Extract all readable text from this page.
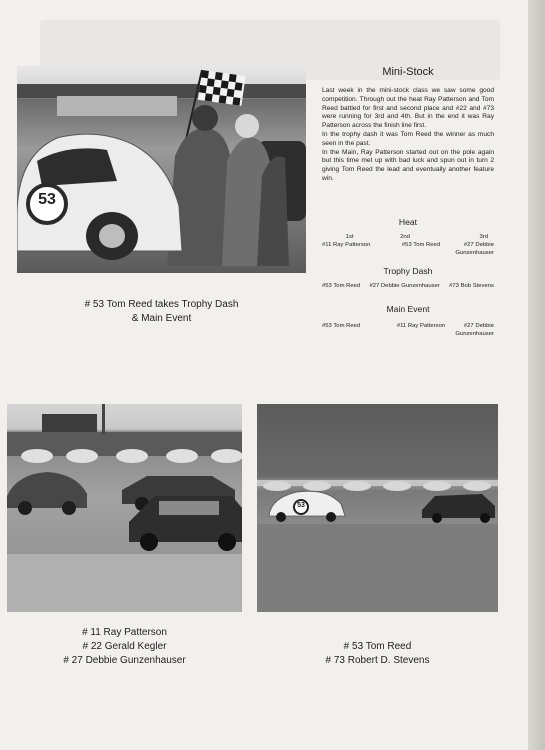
53
# 53 Tom Reed takes Trophy Dash
& Main Event
Mini-Stock

Last week in the mini-stock class we saw some good competition. Through out the heat Ray Patterson and Tom Reed battled for first and second place and #22 and #73 were running for 3rd and 4th. But in the end it was Ray Patterson across the finish line first.

In the trophy dash it was Tom Reed the winner as much seen in the past.

In the Main, Ray Patterson started out on the pole again but this time met up with bad luck and spun out in turn 2 giving Tom Reed the lead and eventually another feature win.

Heat
1st	2nd	3rd
#11 Ray Patterson	#53 Tom Reed	#27 Debbie Gunzenhauser
Trophy Dash
#53 Tom Reed #27 Debbie Gunzenhauser #73 Bob Stevens
Main Event
#53 Tom Reed	#11 Ray Patterson	#27 Debbie Gunzenhauser
# 11 Ray Patterson
# 22 Gerald Kegler
# 27 Debbie Gunzenhauser
53
# 53 Tom Reed
# 73 Robert D. Stevens
